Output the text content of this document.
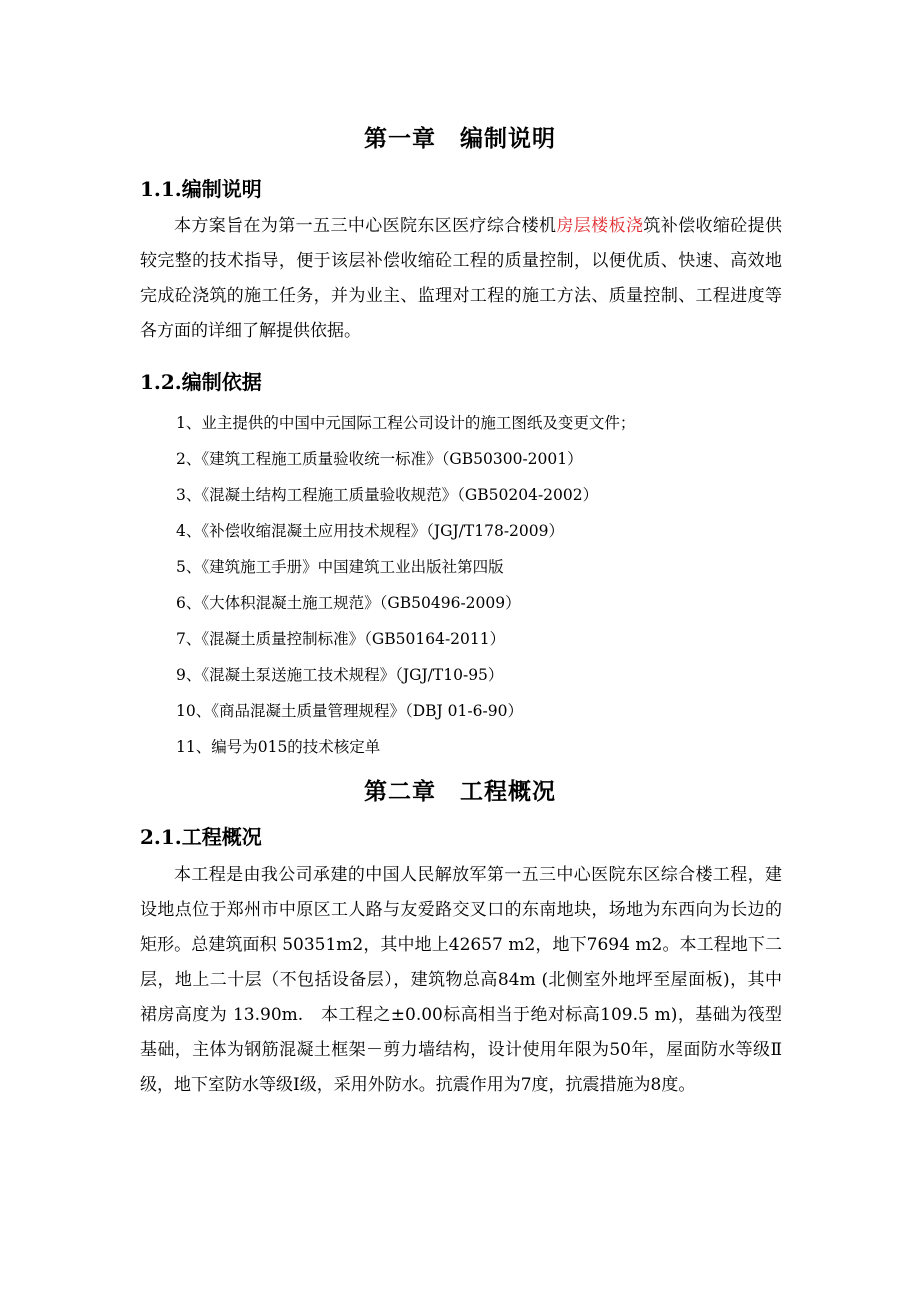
第一章　编制说明
1.1.编制说明

本方案旨在为第一五三中心医院东区医疗综合楼机房层楼板浇筑补偿收缩砼提供较完整的技术指导，便于该层补偿收缩砼工程的质量控制，以便优质、快速、高效地完成砼浇筑的施工任务，并为业主、监理对工程的施工方法、质量控制、工程进度等各方面的详细了解提供依据。

1.2.编制依据
1、业主提供的中国中元国际工程公司设计的施工图纸及变更文件；
2、《建筑工程施工质量验收统一标准》（GB50300-2001）
3、《混凝土结构工程施工质量验收规范》（GB50204-2002）
4、《补偿收缩混凝土应用技术规程》（JGJ/T178-2009）
5、《建筑施工手册》中国建筑工业出版社第四版
6、《大体积混凝土施工规范》（GB50496-2009）
7、《混凝土质量控制标准》（GB50164-2011）
9、《混凝土泵送施工技术规程》（JGJ/T10-95）
10、《商品混凝土质量管理规程》（DBJ 01-6-90）
11、编号为015的技术核定单
第二章　工程概况
2.1.工程概况

本工程是由我公司承建的中国人民解放军第一五三中心医院东区综合楼工程，建设地点位于郑州市中原区工人路与友爱路交叉口的东南地块，场地为东西向为长边的矩形。总建筑面积 50351m2，其中地上42657 m2，地下7694 m2。本工程地下二层，地上二十层（不包括设备层），建筑物总高84m (北侧室外地坪至屋面板)，其中裙房高度为 13.90m.　本工程之±0.00标高相当于绝对标高109.5 m)，基础为筏型基础，主体为钢筋混凝土框架－剪力墙结构，设计使用年限为50年，屋面防水等级Ⅱ级，地下室防水等级Ⅰ级，采用外防水。抗震作用为7度，抗震措施为8度。
